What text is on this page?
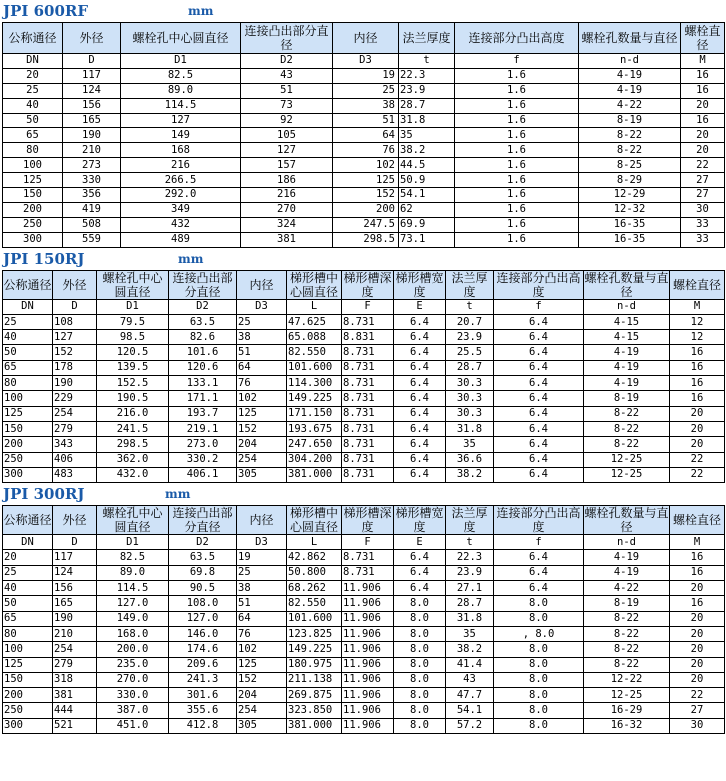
JPI 600RF	mm
公称通径	外径	螺栓孔中心圆直径	连接凸出部分直径	内径	法兰厚度	连接部分凸出高度	螺栓孔数量与直径	螺栓直径
DN	D	D1	D2	D3	t	f	n-d	M
20	117	82.5	43	19	22.3	1.6	4-19	16
25	124	89.0	51	25	23.9	1.6	4-19	16
40	156	114.5	73	38	28.7	1.6	4-22	20
50	165	127	92	51	31.8	1.6	8-19	16
65	190	149	105	64	35	1.6	8-22	20
80	210	168	127	76	38.2	1.6	8-22	20
100	273	216	157	102	44.5	1.6	8-25	22
125	330	266.5	186	125	50.9	1.6	8-29	27
150	356	292.0	216	152	54.1	1.6	12-29	27
200	419	349	270	200	62	1.6	12-32	30
250	508	432	324	247.5	69.9	1.6	16-35	33
300	559	489	381	298.5	73.1	1.6	16-35	33
JPI 150RJ	mm
公称通径	外径	螺栓孔中心圆直径	连接凸出部分直径	内径	梯形槽中心圆直径	梯形槽深度	梯形槽宽度	法兰厚度	连接部分凸出高度	螺栓孔数量与直径	螺栓直径
DN	D	D1	D2	D3	L	F	E	t	f	n-d	M
25	108	79.5	63.5	25	47.625	8.731	6.4	20.7	6.4	4-15	12
40	127	98.5	82.6	38	65.088	8.831	6.4	23.9	6.4	4-15	12
50	152	120.5	101.6	51	82.550	8.731	6.4	25.5	6.4	4-19	16
65	178	139.5	120.6	64	101.600	8.731	6.4	28.7	6.4	4-19	16
80	190	152.5	133.1	76	114.300	8.731	6.4	30.3	6.4	4-19	16
100	229	190.5	171.1	102	149.225	8.731	6.4	30.3	6.4	8-19	16
125	254	216.0	193.7	125	171.150	8.731	6.4	30.3	6.4	8-22	20
150	279	241.5	219.1	152	193.675	8.731	6.4	31.8	6.4	8-22	20
200	343	298.5	273.0	204	247.650	8.731	6.4	35	6.4	8-22	20
250	406	362.0	330.2	254	304.200	8.731	6.4	36.6	6.4	12-25	22
300	483	432.0	406.1	305	381.000	8.731	6.4	38.2	6.4	12-25	22
JPI 300RJ	mm
公称通径	外径	螺栓孔中心圆直径	连接凸出部分直径	内径	梯形槽中心圆直径	梯形槽深度	梯形槽宽度	法兰厚度	连接部分凸出高度	螺栓孔数量与直径	螺栓直径
DN	D	D1	D2	D3	L	F	E	t	f	n-d	M
20	117	82.5	63.5	19	42.862	8.731	6.4	22.3	6.4	4-19	16
25	124	89.0	69.8	25	50.800	8.731	6.4	23.9	6.4	4-19	16
40	156	114.5	90.5	38	68.262	11.906	6.4	27.1	6.4	4-22	20
50	165	127.0	108.0	51	82.550	11.906	8.0	28.7	8.0	8-19	16
65	190	149.0	127.0	64	101.600	11.906	8.0	31.8	8.0	8-22	20
80	210	168.0	146.0	76	123.825	11.906	8.0	35	, 8.0	8-22	20
100	254	200.0	174.6	102	149.225	11.906	8.0	38.2	8.0	8-22	20
125	279	235.0	209.6	125	180.975	11.906	8.0	41.4	8.0	8-22	20
150	318	270.0	241.3	152	211.138	11.906	8.0	43	8.0	12-22	20
200	381	330.0	301.6	204	269.875	11.906	8.0	47.7	8.0	12-25	22
250	444	387.0	355.6	254	323.850	11.906	8.0	54.1	8.0	16-29	27
300	521	451.0	412.8	305	381.000	11.906	8.0	57.2	8.0	16-32	30
